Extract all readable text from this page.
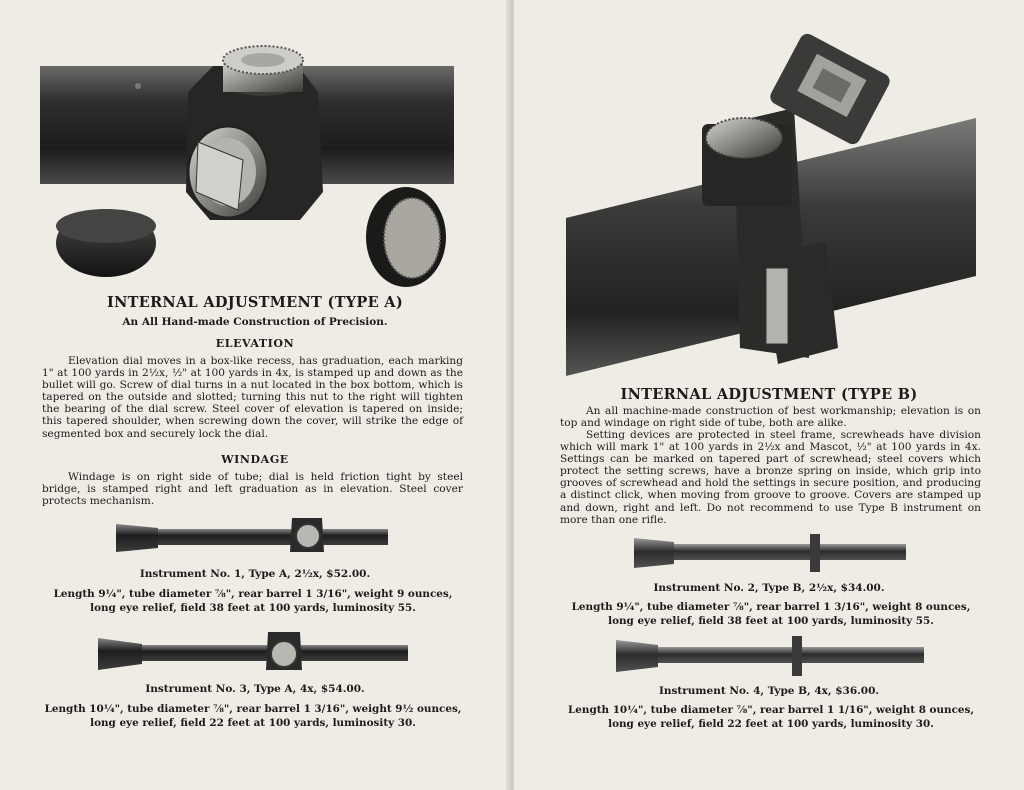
INTERNAL ADJUSTMENT (TYPE A)
An All Hand-made Construction of Precision.
ELEVATION
Elevation dial moves in a box-like recess, has graduation, each marking 1" at 100 yards in 2½x, ½" at 100 yards in 4x, is stamped up and down as the bullet will go. Screw of dial turns in a nut located in the box bottom, which is tapered on the outside and slotted; turning this nut to the right will tighten the bearing of the dial screw. Steel cover of elevation is tapered on inside; this tapered shoulder, when screwing down the cover, will strike the edge of segmented box and securely lock the dial.
WINDAGE
Windage is on right side of tube; dial is held friction tight by steel bridge, is stamped right and left graduation as in elevation. Steel cover protects mechanism.
Instrument No. 1, Type A, 2½x, $52.00.
Length 9¼", tube diameter ⅞", rear barrel 1 3/16", weight 9 ounces,
long eye relief, field 38 feet at 100 yards, luminosity 55.
Instrument No. 3, Type A, 4x, $54.00.
Length 10¼", tube diameter ⅞", rear barrel 1 3/16", weight 9½ ounces,
long eye relief, field 22 feet at 100 yards, luminosity 30.
INTERNAL ADJUSTMENT (TYPE B)
An all machine-made construction of best workmanship; elevation is on top and windage on right side of tube, both are alike.
Setting devices are protected in steel frame, screwheads have division which will mark 1" at 100 yards in 2½x and Mascot, ½" at 100 yards in 4x. Settings can be marked on tapered part of screwhead; steel covers which protect the setting screws, have a bronze spring on inside, which grip into grooves of screwhead and hold the settings in secure position, and producing a distinct click, when moving from groove to groove. Covers are stamped up and down, right and left. Do not recommend to use Type B instrument on more than one rifle.
Instrument No. 2, Type B, 2½x, $34.00.
Length 9¼", tube diameter ⅞", rear barrel 1 3/16", weight 8 ounces,
long eye relief, field 38 feet at 100 yards, luminosity 55.
Instrument No. 4, Type B, 4x, $36.00.
Length 10¼", tube diameter ⅞", rear barrel 1 1/16", weight 8 ounces,
long eye relief, field 22 feet at 100 yards, luminosity 30.
